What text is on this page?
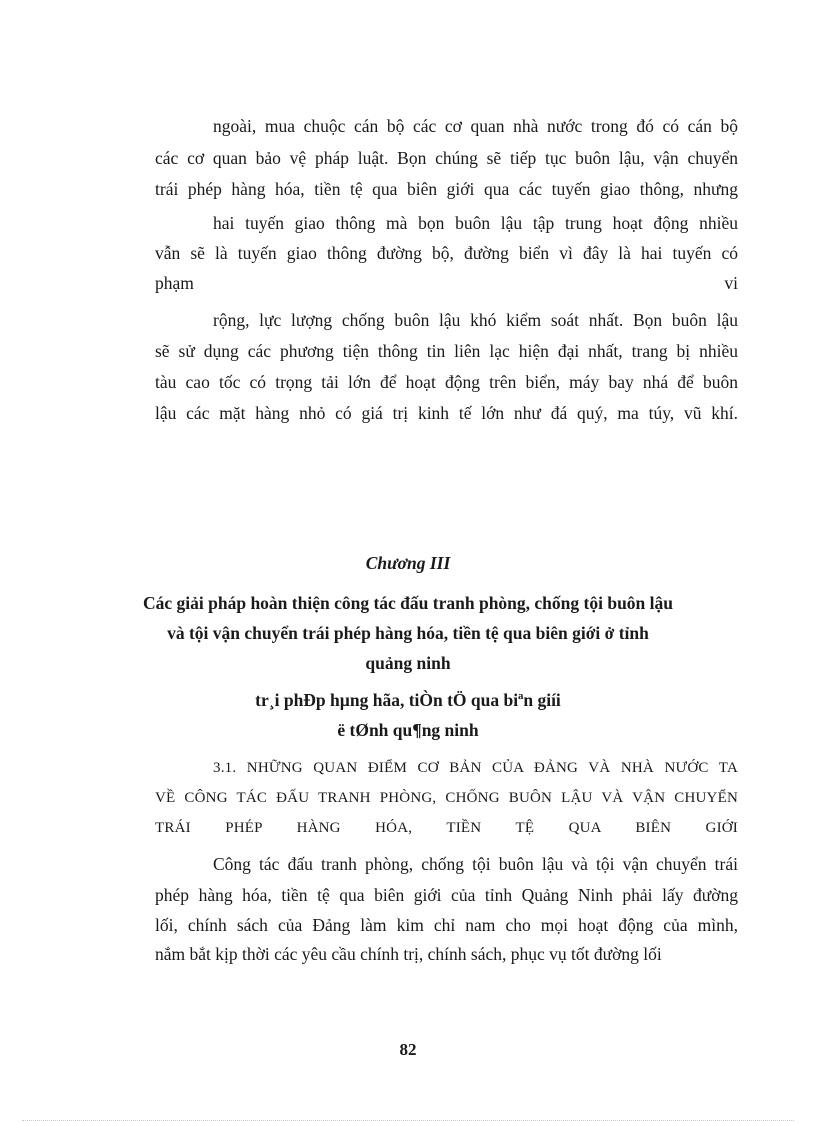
ngoài, mua chuộc cán bộ các cơ quan nhà nước trong đó có cán bộ
các cơ quan bảo vệ pháp luật. Bọn chúng sẽ tiếp tục buôn lậu, vận chuyển
trái phép hàng hóa, tiền tệ qua biên giới qua các tuyến giao thông, nhưng
hai tuyến giao thông mà bọn buôn lậu tập trung hoạt động nhiều
vẫn sẽ là tuyến giao thông đường bộ, đường biển vì đây là hai tuyến có
phạm	vi
rộng, lực lượng chống buôn lậu khó kiểm soát nhất. Bọn buôn lậu
sẽ sử dụng các phương tiện thông tin liên lạc hiện đại nhất, trang bị nhiều
tàu cao tốc có trọng tải lớn để hoạt động trên biển, máy bay nhá để buôn
lậu các mặt hàng nhỏ có giá trị kinh tế lớn như đá quý, ma túy, vũ khí.
Chương III
Các giải pháp hoàn thiện công tác đấu tranh phòng, chống tội buôn lậu
và tội vận chuyển trái phép hàng hóa, tiền tệ qua biên giới ở tỉnh
quảng ninh
tr¸i phÐp hµng hãa, tiÒn tÖ qua biªn giíi
ë tØnh qu¶ng ninh
3.1. NHỮNG QUAN ĐIỂM CƠ BẢN CỦA ĐẢNG VÀ NHÀ NƯỚC TA
VỀ CÔNG TÁC ĐẤU TRANH PHÒNG, CHỐNG BUÔN LẬU VÀ VẬN CHUYỂN
TRÁI PHÉP HÀNG HÓA, TIỀN TỆ QUA BIÊN GIỚI
Công tác đấu tranh phòng, chống tội buôn lậu và tội vận chuyển trái
phép hàng hóa, tiền tệ qua biên giới của tỉnh Quảng Ninh phải lấy đường
lối, chính sách của Đảng làm kim chỉ nam cho mọi hoạt động của mình,
nắm bắt kịp thời các yêu cầu chính trị, chính sách, phục vụ tốt đường lối
82
